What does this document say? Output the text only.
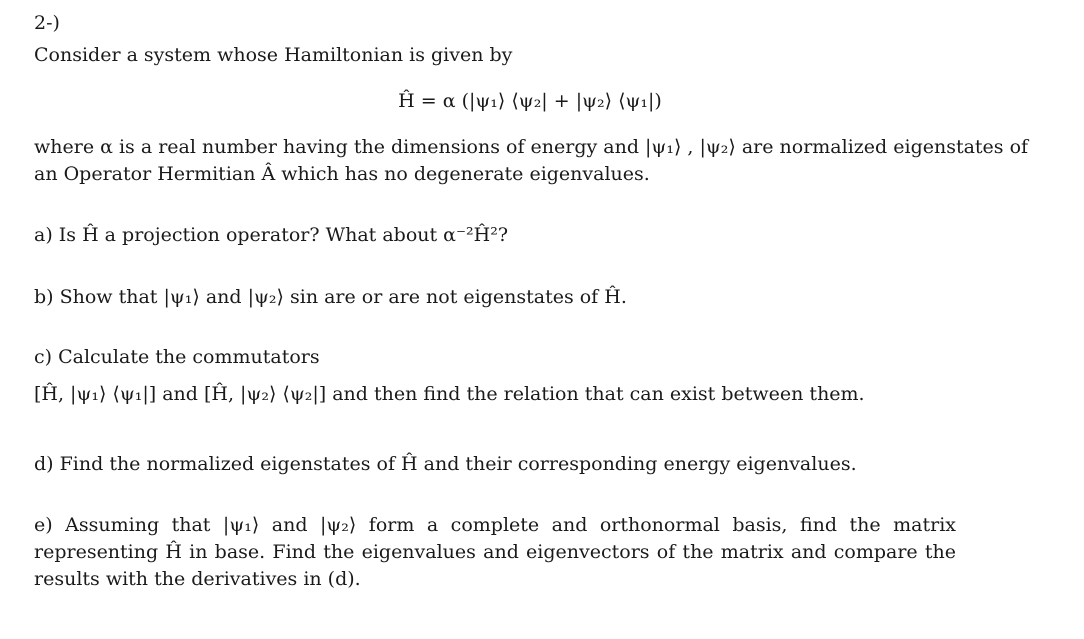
2-)
Consider a system whose Hamiltonian is given by
Ĥ = α (|ψ₁⟩ ⟨ψ₂| + |ψ₂⟩ ⟨ψ₁|)
where α is a real number having the dimensions of energy and |ψ₁⟩ , |ψ₂⟩ are normalized eigenstates of
an Operator Hermitian Â which has no degenerate eigenvalues.
a) Is Ĥ a projection operator? What about α⁻²Ĥ²?
b) Show that |ψ₁⟩ and |ψ₂⟩ sin are or are not eigenstates of Ĥ.
c) Calculate the commutators
[Ĥ, |ψ₁⟩ ⟨ψ₁|] and [Ĥ, |ψ₂⟩ ⟨ψ₂|] and then find the relation that can exist between them.
d) Find the normalized eigenstates of Ĥ and their corresponding energy eigenvalues.
e) Assuming that |ψ₁⟩ and |ψ₂⟩ form a complete and orthonormal basis, find the matrix representing Ĥ in base. Find the eigenvalues and eigenvectors of the matrix and compare the results with the derivatives in (d).
